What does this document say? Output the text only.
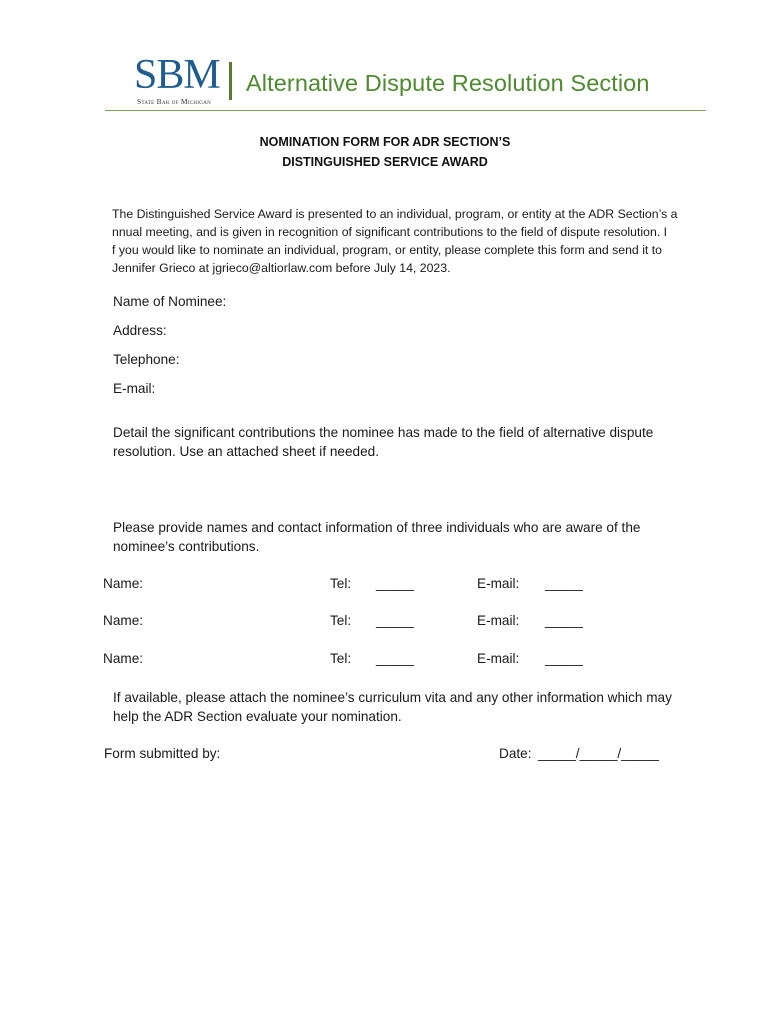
SBM
State Bar of Michigan
Alternative Dispute Resolution Section
NOMINATION FORM FOR ADR SECTION’S
DISTINGUISHED SERVICE AWARD
The Distinguished Service Award is presented to an individual, program, or entity at the ADR Section’s a
nnual meeting, and is given in recognition of significant contributions to the field of dispute resolution. I
f you would like to nominate an individual, program, or entity, please complete this form and send it to
Jennifer Grieco at jgrieco@altiorlaw.com before July 14, 2023.
Name of Nominee:
Address:
Telephone:
E-mail:
Detail the significant contributions the nominee has made to the field of alternative dispute
resolution. Use an attached sheet if needed.
Please provide names and contact information of three individuals who are aware of the
nominee’s contributions.
Name:	Tel: _____	E-mail: _____
Name:	Tel: _____	E-mail: _____
Name:	Tel: _____	E-mail: _____
If available, please attach the nominee’s curriculum vita and any other information which may
help the ADR Section evaluate your nomination.
Form submitted by:	Date: _____/_____/_____
